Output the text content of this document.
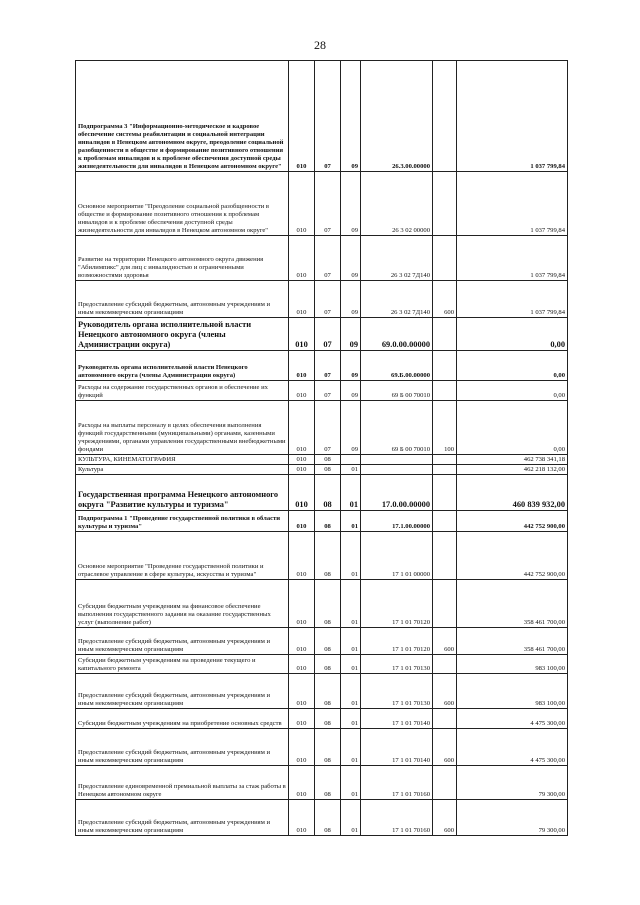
28
Подпрограмма 3 "Информационно-методическое и кадровое обеспечение системы реабилитации и социальной интеграции инвалидов в Ненецком автономном округе, преодоление социальной разобщенности в обществе и формирование позитивного отношения к проблемам инвалидов и к проблеме обеспечения доступной среды жизнедеятельности для инвалидов в Ненецком автономном округе"	010	07	09	26.3.00.00000		1 037 799,84
Основное мероприятие "Преодоление социальной разобщенности в обществе и формирование позитивного отношения к проблемам инвалидов и к проблеме обеспечения доступной среды жизнедеятельности для инвалидов в Ненецком автономном округе"	010	07	09	26 3 02 00000		1 037 799,84
Развитие на территории Ненецкого автономного округа движения "Абилимпикс" для лиц с инвалидностью и ограниченными возможностями здоровья	010	07	09	26 3 02 7Д140		1 037 799,84
Предоставление субсидий бюджетным, автономным учреждениям и иным некоммерческим организациям	010	07	09	26 3 02 7Д140	600	1 037 799,84
Руководитель органа исполнительной власти Ненецкого автономного округа (члены Администрации округа)	010	07	09	69.0.00.00000		0,00
Руководитель органа исполнительной власти Ненецкого автономного округа (члены Администрации округа)	010	07	09	69.Б.00.00000		0,00
Расходы на содержание государственных органов и обеспечение их функций	010	07	09	69 Б 00 70010		0,00
Расходы на выплаты персоналу в целях обеспечения выполнения функций государственными (муниципальными) органами, казенными учреждениями, органами управления государственными внебюджетными фондами	010	07	09	69 Б 00 70010	100	0,00
КУЛЬТУРА, КИНЕМАТОГРАФИЯ	010	08				462 738 341,18
Культура	010	08	01			462 218 132,00
Государственная программа Ненецкого автономного округа "Развитие культуры и туризма"	010	08	01	17.0.00.00000		460 839 932,00
Подпрограмма 1 "Проведение государственной политики в области культуры и туризма"	010	08	01	17.1.00.00000		442 752 900,00
Основное мероприятие "Проведение государственной политики и отраслевое управление в сфере культуры, искусства и туризма"	010	08	01	17 1 01 00000		442 752 900,00
Субсидии бюджетным учреждениям на финансовое обеспечение выполнения государственного задания на оказание государственных услуг (выполнение работ)	010	08	01	17 1 01 70120		358 461 700,00
Предоставление субсидий бюджетным, автономным учреждениям и иным некоммерческим организациям	010	08	01	17 1 01 70120	600	358 461 700,00
Субсидии бюджетным учреждениям на проведение текущего и капитального ремонта	010	08	01	17 1 01 70130		983 100,00
Предоставление субсидий бюджетным, автономным учреждениям и иным некоммерческим организациям	010	08	01	17 1 01 70130	600	983 100,00
Субсидии бюджетным учреждениям на приобретение основных средств	010	08	01	17 1 01 70140		4 475 300,00
Предоставление субсидий бюджетным, автономным учреждениям и иным некоммерческим организациям	010	08	01	17 1 01 70140	600	4 475 300,00
Предоставление единовременной премиальной выплаты за стаж работы в Ненецком автономном округе	010	08	01	17 1 01 70160		79 300,00
Предоставление субсидий бюджетным, автономным учреждениям и иным некоммерческим организациям	010	08	01	17 1 01 70160	600	79 300,00
